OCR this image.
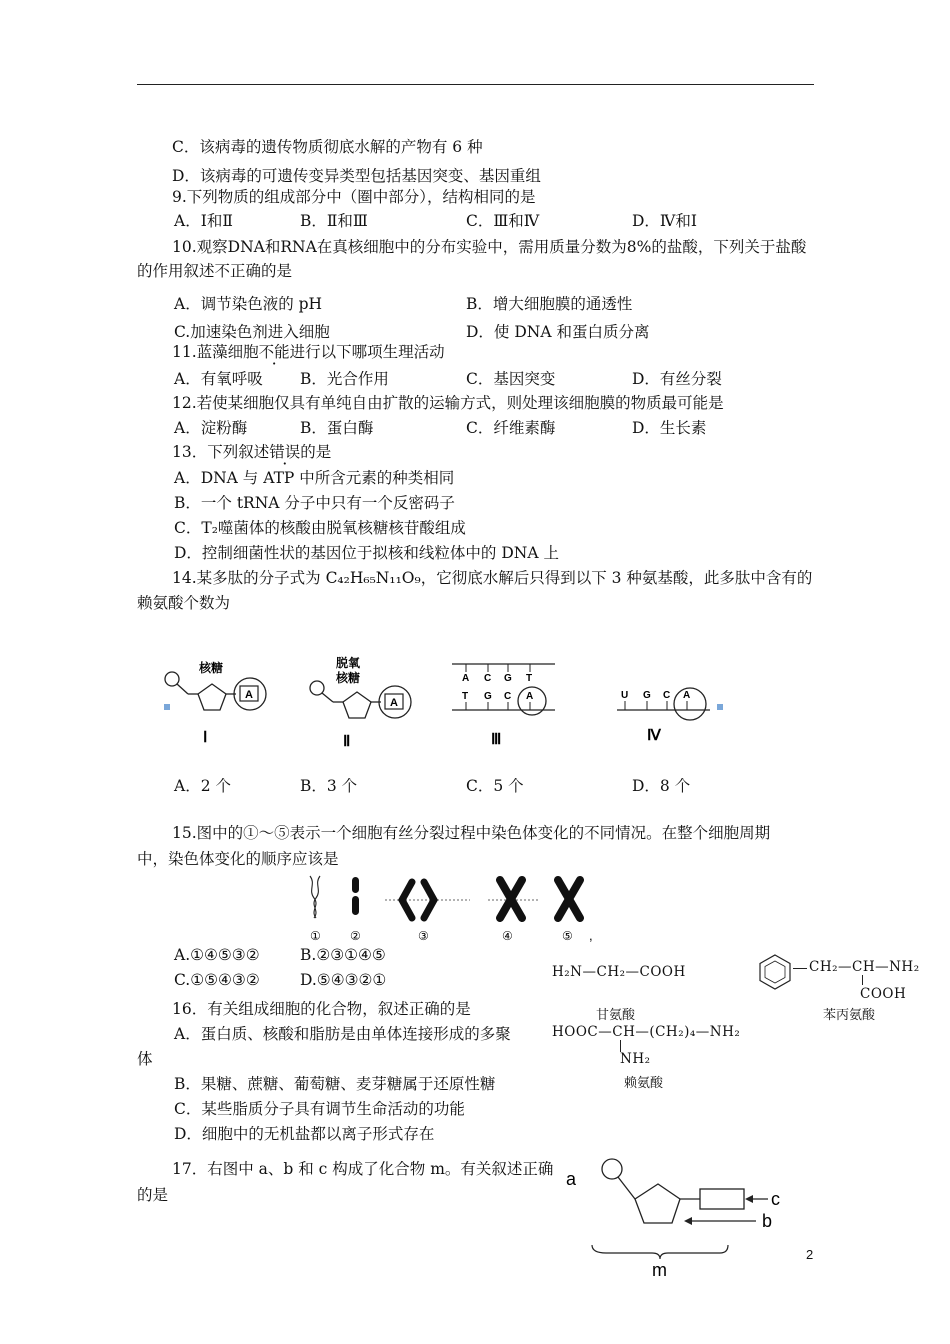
C．该病毒的遗传物质彻底水解的产物有 6 种
D．该病毒的可遗传变异类型包括基因突变、基因重组
9.下列物质的组成部分中（圈中部分），结构相同的是
A．Ⅰ和Ⅱ	B．Ⅱ和Ⅲ	C．Ⅲ和Ⅳ	D．Ⅳ和Ⅰ
10.观察DNA和RNA在真核细胞中的分布实验中，需用质量分数为8%的盐酸，下列关于盐酸
的作用叙述不正确的是
A．调节染色液的 pH	B．增大细胞膜的通透性
C.加速染色剂进入细胞	D．使 DNA 和蛋白质分离
11.蓝藻细胞不能进行以下哪项生理活动
A．有氧呼吸 B．光合作用	C．基因突变	D．有丝分裂
12.若使某细胞仅具有单纯自由扩散的运输方式，则处理该细胞膜的物质最可能是
A．淀粉酶	B．蛋白酶	C．纤维素酶	D．生长素
13．下列叙述错误的是
A．DNA 与 ATP 中所含元素的种类相同
B．一个 tRNA 分子中只有一个反密码子
C．T₂噬菌体的核酸由脱氧核糖核苷酸组成
D．控制细菌性状的基因位于拟核和线粒体中的 DNA 上
14.某多肽的分子式为 C₄₂H₆₅N₁₁O₉，它彻底水解后只得到以下 3 种氨基酸，此多肽中含有的
赖氨酸个数为
A
核糖
A
脱氧
核糖	A C G T
T G C A	U G C A
Ⅰ	Ⅱ	Ⅲ	Ⅳ
A．2 个	B．3 个	C．5 个	D．8 个
15.图中的①～⑤表示一个细胞有丝分裂过程中染色体变化的不同情况。在整个细胞周期
中，染色体变化的顺序应该是
① ②	③	④	⑤ ,
A.①④⑤③②	B.②③①④⑤
C.①⑤④③②	D.⑤④③②①	H₂N—CH₂—COOH
甘氨酸
CH₂—CH—NH₂
COOH
苯丙氨酸
HOOC—CH—(CH₂)₄—NH₂
NH₂
赖氨酸
16．有关组成细胞的化合物，叙述正确的是
A．蛋白质、核酸和脂肪是由单体连接形成的多聚
体
B．果糖、蔗糖、葡萄糖、麦芽糖属于还原性糖
C．某些脂质分子具有调节生命活动的功能
D．细胞中的无机盐都以离子形式存在
17．右图中 a、b 和 c 构成了化合物 m。有关叙述正确
的是
a
b
c
m
2
